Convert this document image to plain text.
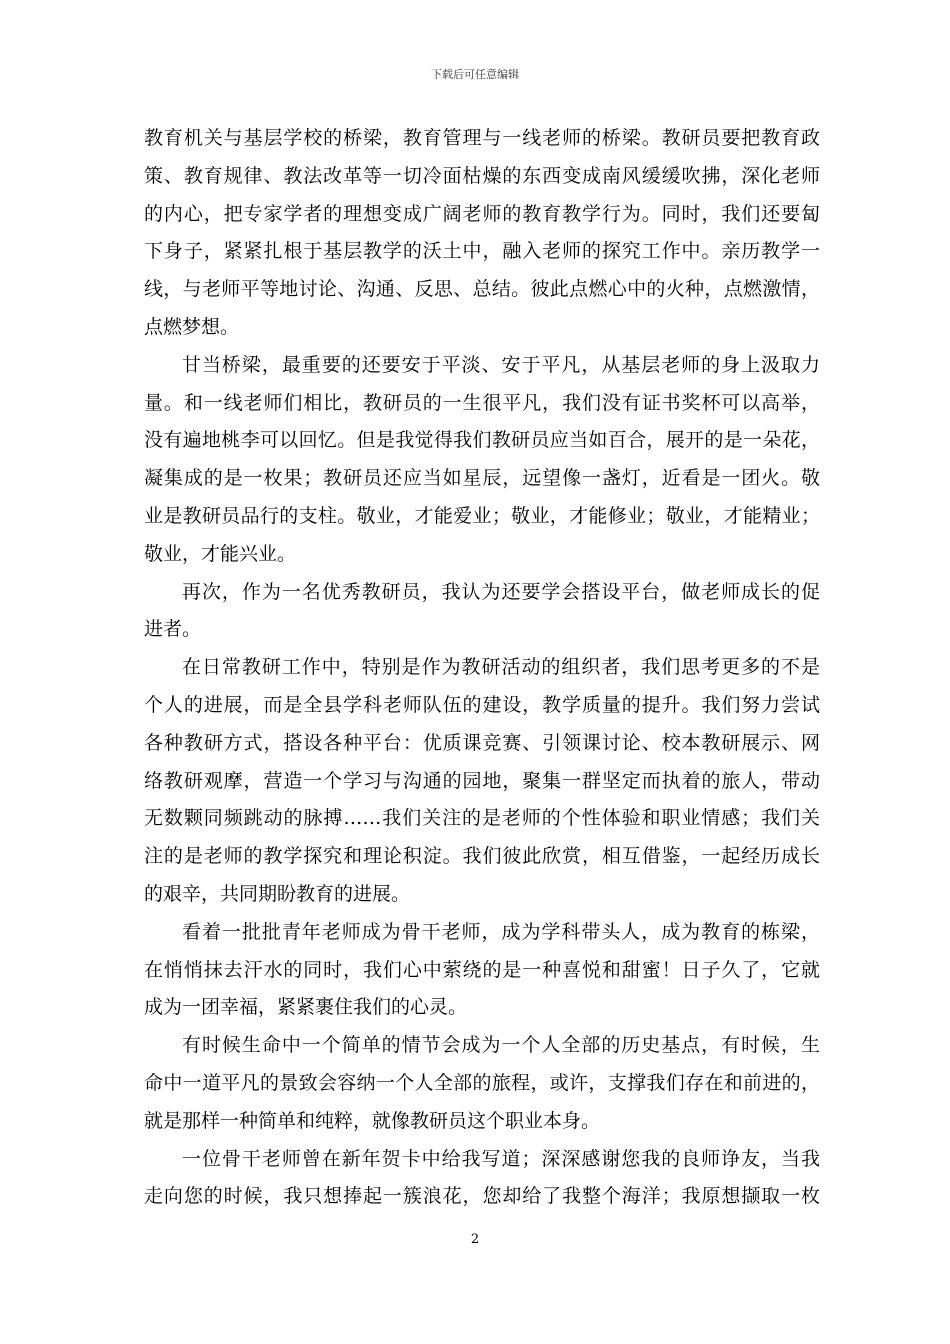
下载后可任意编辑
教育机关与基层学校的桥梁，教育管理与一线老师的桥梁。教研员要把教育政
策、教育规律、教法改革等一切冷面枯燥的东西变成南风缓缓吹拂，深化老师
的内心，把专家学者的理想变成广阔老师的教育教学行为。同时，我们还要匐
下身子，紧紧扎根于基层教学的沃土中，融入老师的探究工作中。亲历教学一
线，与老师平等地讨论、沟通、反思、总结。彼此点燃心中的火种，点燃激情，
点燃梦想。
甘当桥梁，最重要的还要安于平淡、安于平凡，从基层老师的身上汲取力
量。和一线老师们相比，教研员的一生很平凡，我们没有证书奖杯可以高举，
没有遍地桃李可以回忆。但是我觉得我们教研员应当如百合，展开的是一朵花，
凝集成的是一枚果；教研员还应当如星辰，远望像一盏灯，近看是一团火。敬
业是教研员品行的支柱。敬业，才能爱业；敬业，才能修业；敬业，才能精业；
敬业，才能兴业。
再次，作为一名优秀教研员，我认为还要学会搭设平台，做老师成长的促
进者。
在日常教研工作中，特别是作为教研活动的组织者，我们思考更多的不是
个人的进展，而是全县学科老师队伍的建设，教学质量的提升。我们努力尝试
各种教研方式，搭设各种平台：优质课竞赛、引领课讨论、校本教研展示、网
络教研观摩，营造一个学习与沟通的园地，聚集一群坚定而执着的旅人，带动
无数颗同频跳动的脉搏……我们关注的是老师的个性体验和职业情感；我们关
注的是老师的教学探究和理论积淀。我们彼此欣赏，相互借鉴，一起经历成长
的艰辛，共同期盼教育的进展。
看着一批批青年老师成为骨干老师，成为学科带头人，成为教育的栋梁，
在悄悄抹去汗水的同时，我们心中萦绕的是一种喜悦和甜蜜！日子久了，它就
成为一团幸福，紧紧裹住我们的心灵。
有时候生命中一个简单的情节会成为一个人全部的历史基点，有时候，生
命中一道平凡的景致会容纳一个人全部的旅程，或许，支撑我们存在和前进的，
就是那样一种简单和纯粹，就像教研员这个职业本身。
一位骨干老师曾在新年贺卡中给我写道；深深感谢您我的良师诤友，当我
走向您的时候，我只想捧起一簇浪花，您却给了我整个海洋；我原想撷取一枚
2
